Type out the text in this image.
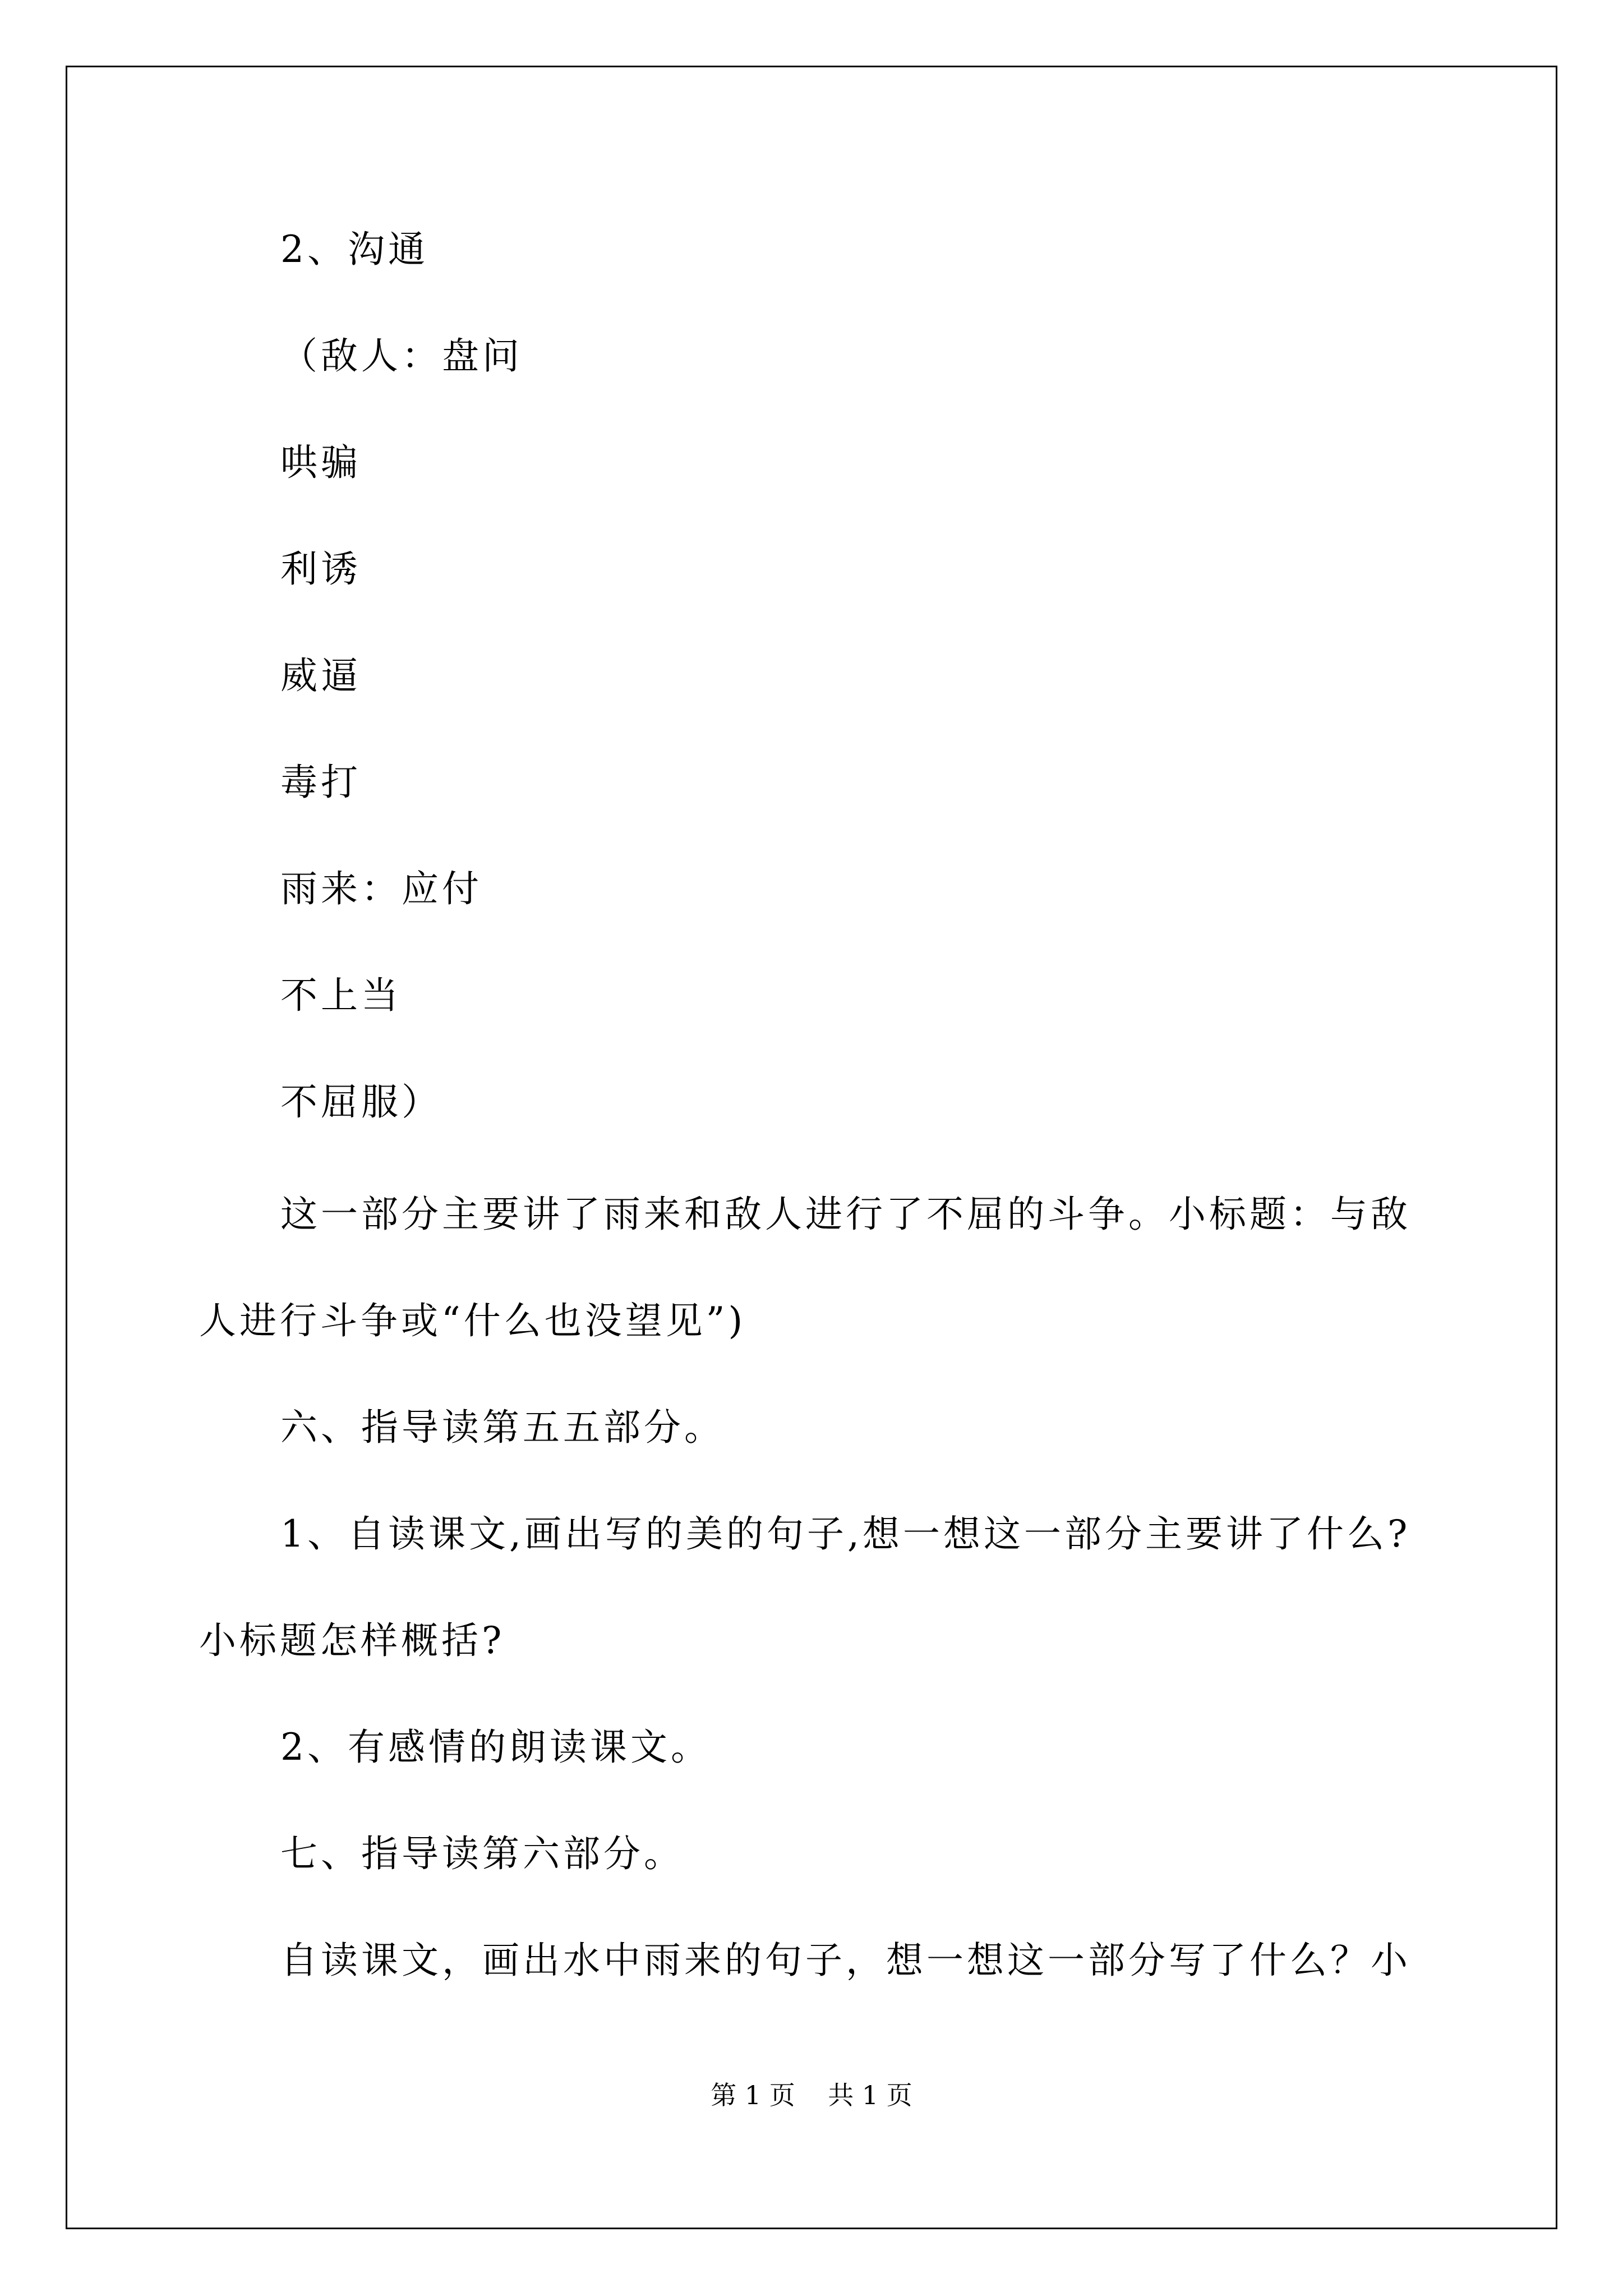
2、沟通
（敌人：盘问
哄骗
利诱
威逼
毒打
雨来：应付
不上当
不屈服）
这一部分主要讲了雨来和敌人进行了不屈的斗争。小标题：与敌
人进行斗争或“什么也没望见”)
六、指导读第五五部分。
1、自读课文,画出写的美的句子,想一想这一部分主要讲了什么?
小标题怎样概括?
2、有感情的朗读课文。
七、指导读第六部分。
自读课文，画出水中雨来的句子，想一想这一部分写了什么？小
第 1 页    共 1 页
